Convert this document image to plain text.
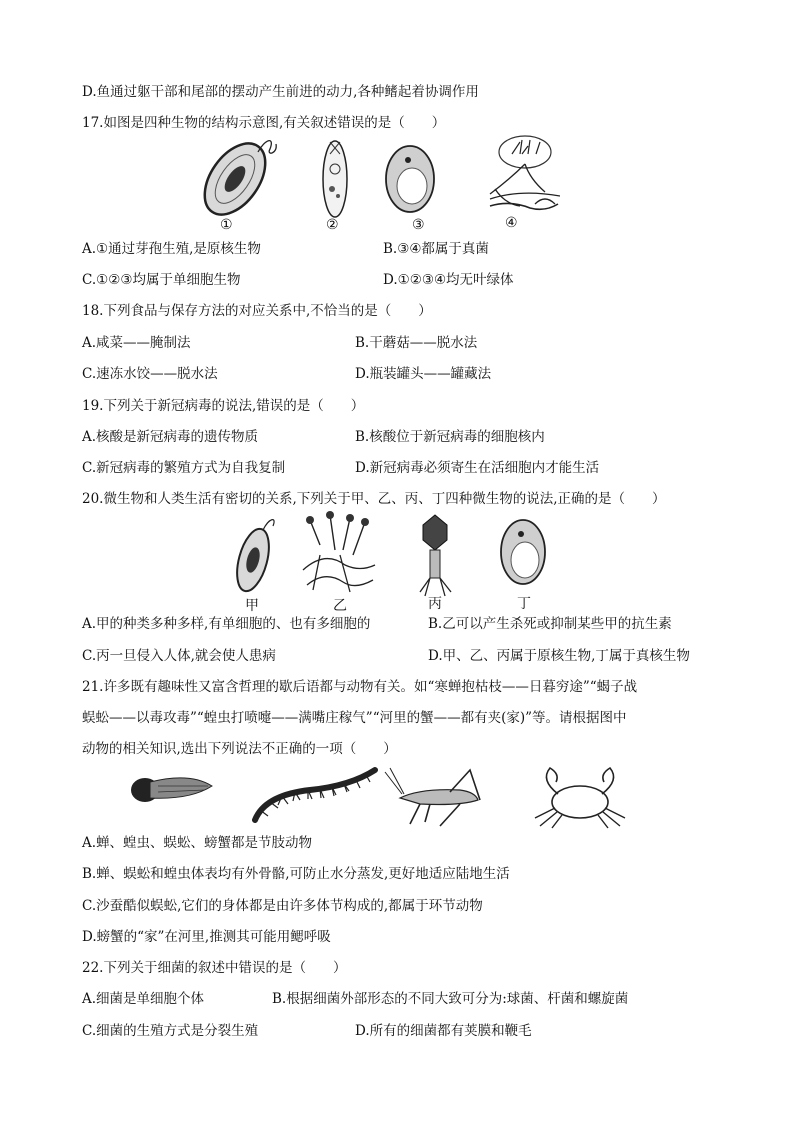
D.鱼通过躯干部和尾部的摆动产生前进的动力,各种鳍起着协调作用
17.如图是四种生物的结构示意图,有关叙述错误的是（　　）
①	②	③	④
A.①通过芽孢生殖,是原核生物	B.③④都属于真菌
C.①②③均属于单细胞生物	D.①②③④均无叶绿体
18.下列食品与保存方法的对应关系中,不恰当的是（　　）
A.咸菜——腌制法	B.干蘑菇——脱水法
C.速冻水饺——脱水法	D.瓶装罐头——罐藏法
19.下列关于新冠病毒的说法,错误的是（　　）
A.核酸是新冠病毒的遗传物质	B.核酸位于新冠病毒的细胞核内
C.新冠病毒的繁殖方式为自我复制	D.新冠病毒必须寄生在活细胞内才能生活
20.微生物和人类生活有密切的关系,下列关于甲、乙、丙、丁四种微生物的说法,正确的是（　　）
甲	乙	丙	丁
A.甲的种类多种多样,有单细胞的、也有多细胞的	B.乙可以产生杀死或抑制某些甲的抗生素
C.丙一旦侵入人体,就会使人患病	D.甲、乙、丙属于原核生物,丁属于真核生物
21.许多既有趣味性又富含哲理的歇后语都与动物有关。如“寒蝉抱枯枝——日暮穷途”“蝎子战
蜈蚣——以毒攻毒”“蝗虫打喷嚏——满嘴庄稼气”“河里的蟹——都有夹(家)”等。请根据图中
动物的相关知识,选出下列说法不正确的一项（　　）
A.蝉、蝗虫、蜈蚣、螃蟹都是节肢动物
B.蝉、蜈蚣和蝗虫体表均有外骨骼,可防止水分蒸发,更好地适应陆地生活
C.沙蚕酷似蜈蚣,它们的身体都是由许多体节构成的,都属于环节动物
D.螃蟹的“家”在河里,推测其可能用鳃呼吸
22.下列关于细菌的叙述中错误的是（　　）
A.细菌是单细胞个体	B.根据细菌外部形态的不同大致可分为:球菌、杆菌和螺旋菌
C.细菌的生殖方式是分裂生殖	D.所有的细菌都有荚膜和鞭毛
